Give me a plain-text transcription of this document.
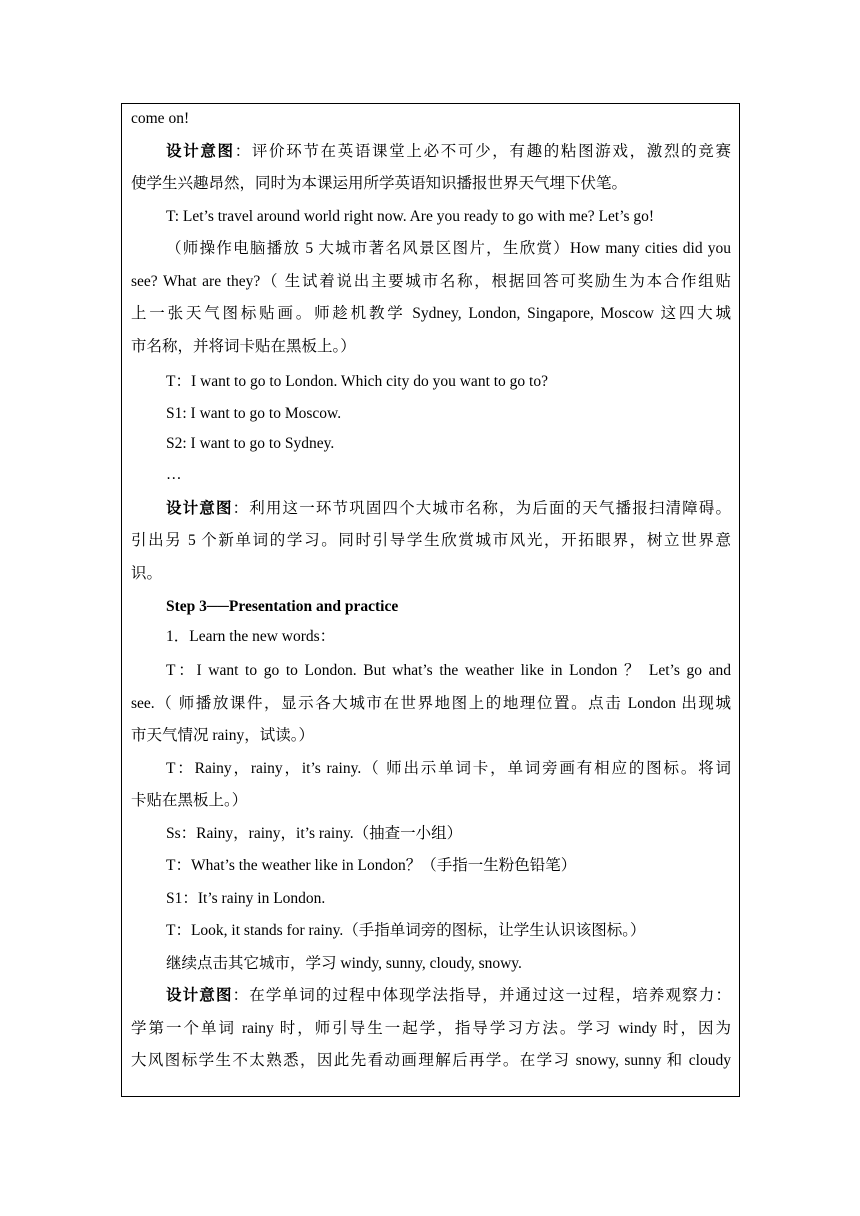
come on!
设计意图：评价环节在英语课堂上必不可少，有趣的粘图游戏，激烈的竞赛
使学生兴趣昂然，同时为本课运用所学英语知识播报世界天气埋下伏笔。
T: Let’s travel around world right now. Are you ready to go with me? Let’s go!
（师操作电脑播放 5 大城市著名风景区图片，生欣赏）How many cities did you
see? What are they?（ 生试着说出主要城市名称，根据回答可奖励生为本合作组贴
上一张天气图标贴画。师趁机教学 Sydney, London, Singapore, Moscow 这四大城
市名称，并将词卡贴在黑板上。）
T：I want to go to London. Which city do you want to go to?
S1: I want to go to Moscow.
S2: I want to go to Sydney.
…
设计意图：利用这一环节巩固四个大城市名称，为后面的天气播报扫清障碍。
引出另 5 个新单词的学习。同时引导学生欣赏城市风光，开拓眼界，树立世界意
识。
Step 3──Presentation and practice
1．Learn the new words：
T：I want to go to London. But what’s the weather like in London ？ Let’s go and
see.（ 师播放课件，显示各大城市在世界地图上的地理位置。点击 London 出现城
市天气情况 rainy，试读。）
T：Rainy，rainy，it’s rainy.（ 师出示单词卡，单词旁画有相应的图标。将词
卡贴在黑板上。）
Ss：Rainy，rainy，it’s rainy.（抽查一小组）
T：What’s the weather like in London？（手指一生粉色铅笔）
S1：It’s rainy in London.
T：Look, it stands for rainy.（手指单词旁的图标，让学生认识该图标。）
继续点击其它城市，学习 windy, sunny, cloudy, snowy.
设计意图：在学单词的过程中体现学法指导，并通过这一过程，培养观察力：
学第一个单词 rainy 时，师引导生一起学，指导学习方法。学习 windy 时，因为
大风图标学生不太熟悉，因此先看动画理解后再学。在学习 snowy, sunny 和 cloudy
